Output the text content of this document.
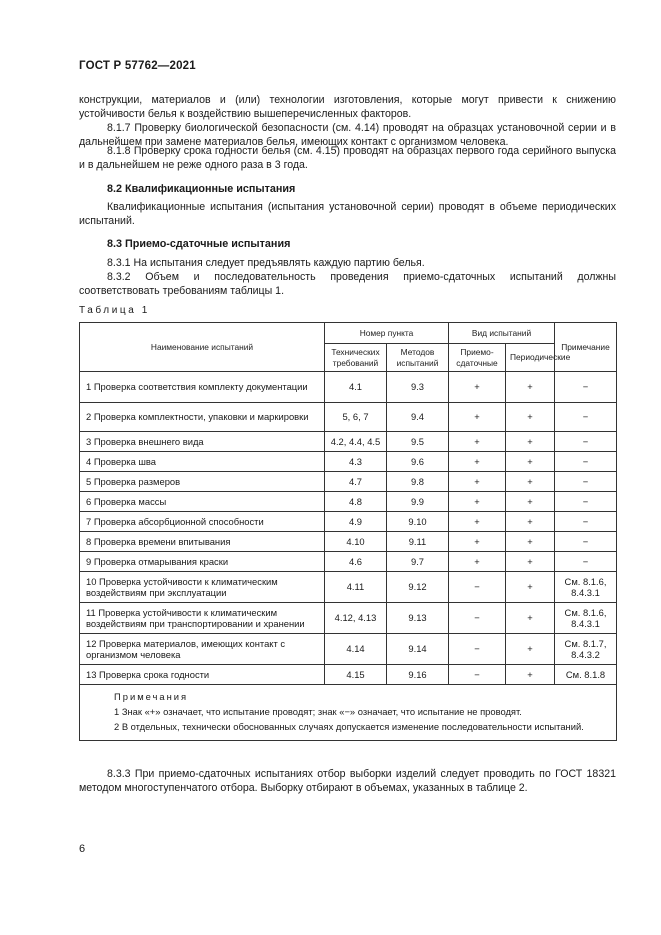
ГОСТ Р 57762—2021
конструкции, материалов и (или) технологии изготовления, которые могут привести к снижению устойчивости белья к воздействию вышеперечисленных факторов.
8.1.7 Проверку биологической безопасности (см. 4.14) проводят на образцах установочной серии и в дальнейшем при замене материалов белья, имеющих контакт с организмом человека.
8.1.8 Проверку срока годности белья (см. 4.15) проводят на образцах первого года серийного выпуска и в дальнейшем не реже одного раза в 3 года.
8.2 Квалификационные испытания
Квалификационные испытания (испытания установочной серии) проводят в объеме периодических испытаний.
8.3 Приемо-сдаточные испытания
8.3.1 На испытания следует предъявлять каждую партию белья.
8.3.2 Объем и последовательность проведения приемо-сдаточных испытаний должны соответствовать требованиям таблицы 1.
Таблица 1
Наименование испытаний	Номер пункта		Вид испытаний		Примечание
	Технических требований	Методов испытаний	Приемо-сдаточные	Периодические	
1 Проверка соответствия комплекту документации	4.1	9.3	+	+	−
2 Проверка комплектности, упаковки и маркировки	5, 6, 7	9.4	+	+	−
3 Проверка внешнего вида	4.2, 4.4, 4.5	9.5	+	+	−
4 Проверка шва	4.3	9.6	+	+	−
5 Проверка размеров	4.7	9.8	+	+	−
6 Проверка массы	4.8	9.9	+	+	−
7 Проверка абсорбционной способности	4.9	9.10	+	+	−
8 Проверка времени впитывания	4.10	9.11	+	+	−
9 Проверка отмарывания краски	4.6	9.7	+	+	−
10 Проверка устойчивости к климатическим воздействиям при эксплуатации	4.11	9.12	−	+	См. 8.1.6, 8.4.3.1
11 Проверка устойчивости к климатическим воздействиям при транспортировании и хранении	4.12, 4.13	9.13	−	+	См. 8.1.6, 8.4.3.1
12 Проверка материалов, имеющих контакт с организмом человека	4.14	9.14	−	+	См. 8.1.7, 8.4.3.2
13 Проверка срока годности	4.15	9.16	−	+	См. 8.1.8

Примечания
1 Знак «+» означает, что испытание проводят; знак «−» означает, что испытание не проводят.
2 В отдельных, технически обоснованных случаях допускается изменение последовательности испытаний.					
8.3.3 При приемо-сдаточных испытаниях отбор выборки изделий следует проводить по ГОСТ 18321 методом многоступенчатого отбора. Выборку отбирают в объемах, указанных в таблице 2.
6
